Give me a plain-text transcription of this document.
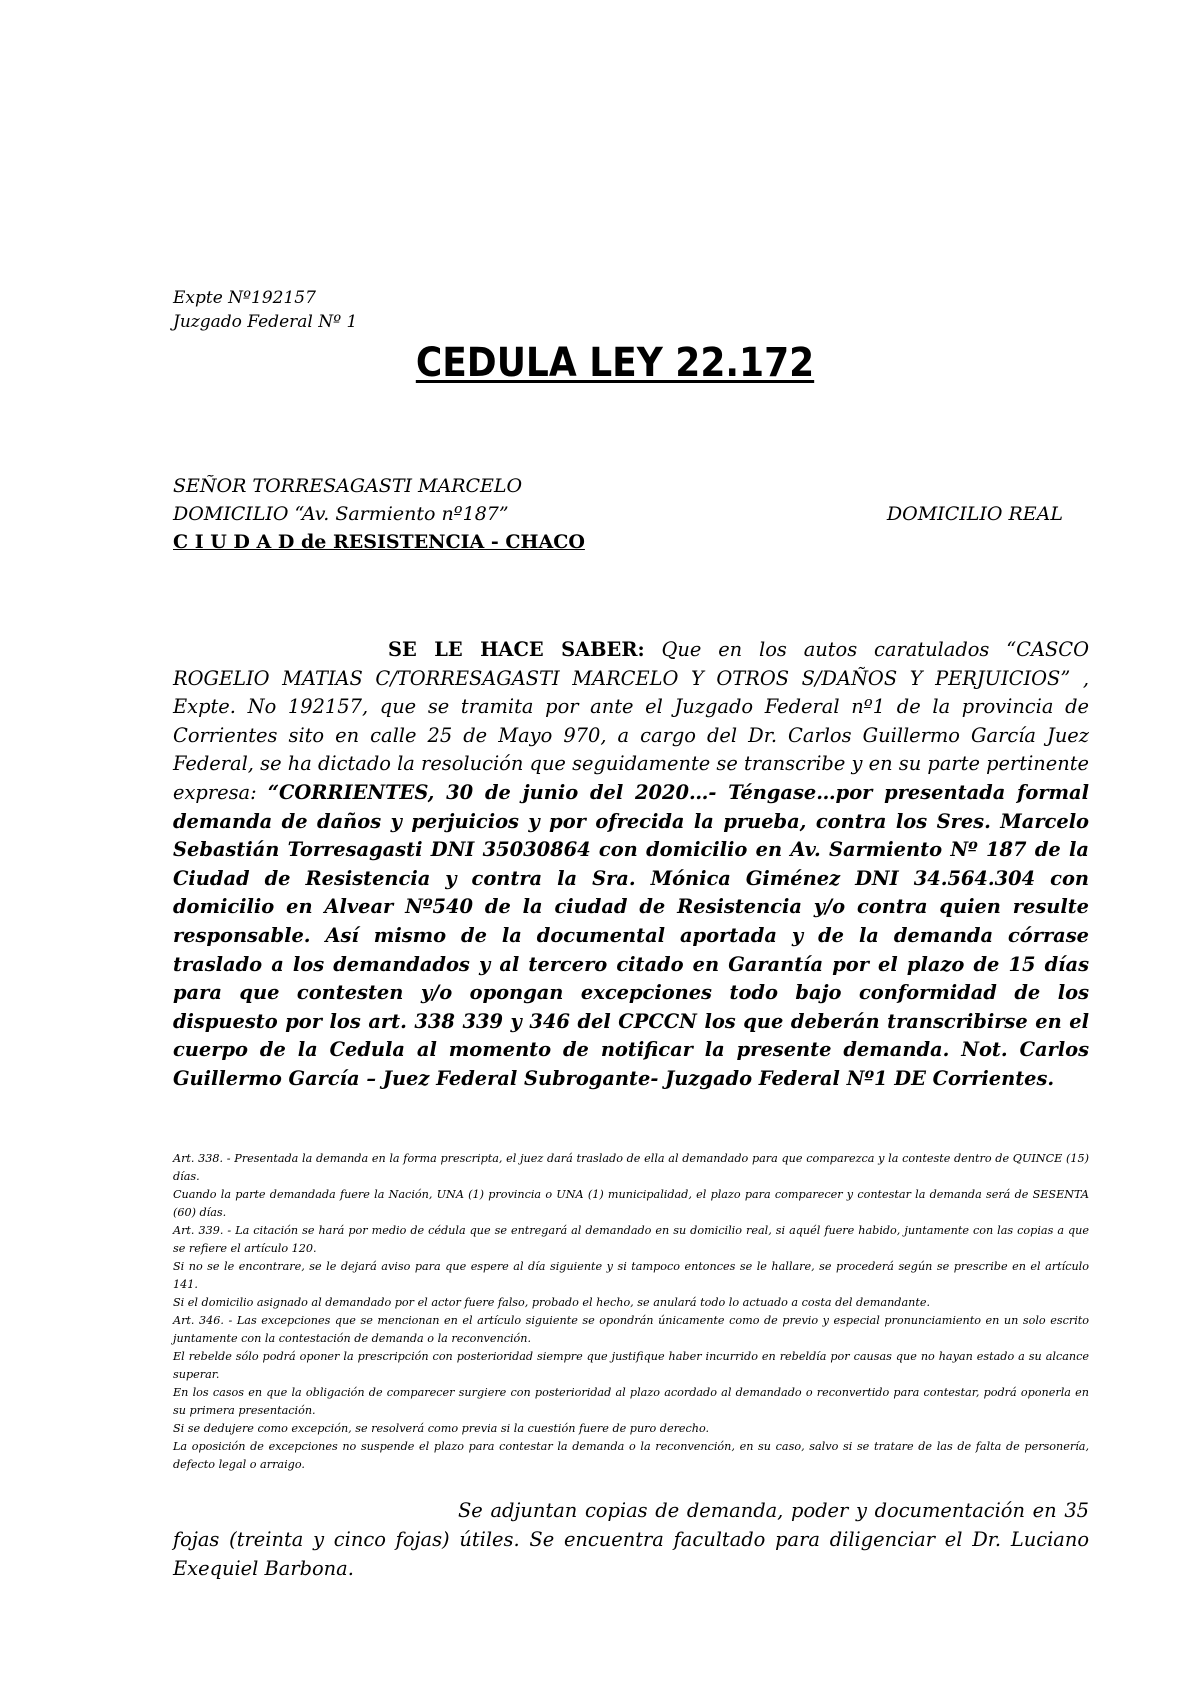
Expte Nº192157
Juzgado Federal Nº 1
CEDULA LEY 22.172
SEÑOR TORRESAGASTI MARCELO
DOMICILIO “Av. Sarmiento nº187”	DOMICILIO REAL
C I U D A D de RESISTENCIA - CHACO
SE LE HACE SABER: Que en los autos caratulados “CASCO ROGELIO MATIAS C/TORRESAGASTI MARCELO Y OTROS S/DAÑOS Y PERJUICIOS” , Expte. No 192157, que se tramita por ante el Juzgado Federal nº1 de la provincia de Corrientes sito en calle 25 de Mayo 970, a cargo del Dr. Carlos Guillermo García Juez Federal, se ha dictado la resolución que seguidamente se transcribe y en su parte pertinente expresa: “CORRIENTES, 30 de junio del 2020…- Téngase…por presentada formal demanda de daños y perjuicios y por ofrecida la prueba, contra los Sres. Marcelo Sebastián Torresagasti DNI 35030864 con domicilio en Av. Sarmiento Nº 187 de la Ciudad de Resistencia y contra la Sra. Mónica Giménez DNI 34.564.304 con domicilio en Alvear Nº540 de la ciudad de Resistencia y/o contra quien resulte responsable. Así mismo de la documental aportada y de la demanda córrase traslado a los demandados y al tercero citado en Garantía por el plazo de 15 días para que contesten y/o opongan excepciones todo bajo conformidad de los dispuesto por los art. 338 339 y 346 del CPCCN los que deberán transcribirse en el cuerpo de la Cedula al momento de notificar la presente demanda. Not. Carlos Guillermo García – Juez Federal Subrogante- Juzgado Federal Nº1 DE Corrientes.

Art. 338. - Presentada la demanda en la forma prescripta, el juez dará traslado de ella al demandado para que comparezca y la conteste dentro de QUINCE (15) días.

Cuando la parte demandada fuere la Nación, UNA (1) provincia o UNA (1) municipalidad, el plazo para comparecer y contestar la demanda será de SESENTA (60) días.

Art. 339. - La citación se hará por medio de cédula que se entregará al demandado en su domicilio real, si aquél fuere habido, juntamente con las copias a que se refiere el artículo 120.

Si no se le encontrare, se le dejará aviso para que espere al día siguiente y si tampoco entonces se le hallare, se procederá según se prescribe en el artículo 141.

Si el domicilio asignado al demandado por el actor fuere falso, probado el hecho, se anulará todo lo actuado a costa del demandante.

Art. 346. - Las excepciones que se mencionan en el artículo siguiente se opondrán únicamente como de previo y especial pronunciamiento en un solo escrito juntamente con la contestación de demanda o la reconvención.

El rebelde sólo podrá oponer la prescripción con posterioridad siempre que justifique haber incurrido en rebeldía por causas que no hayan estado a su alcance superar.

En los casos en que la obligación de comparecer surgiere con posterioridad al plazo acordado al demandado o reconvertido para contestar, podrá oponerla en su primera presentación.

Si se dedujere como excepción, se resolverá como previa si la cuestión fuere de puro derecho.

La oposición de excepciones no suspende el plazo para contestar la demanda o la reconvención, en su caso, salvo si se tratare de las de falta de personería, defecto legal o arraigo.

Se adjuntan copias de demanda, poder y documentación en 35 fojas (treinta y cinco fojas) útiles. Se encuentra facultado para diligenciar el Dr. Luciano Exequiel Barbona.
